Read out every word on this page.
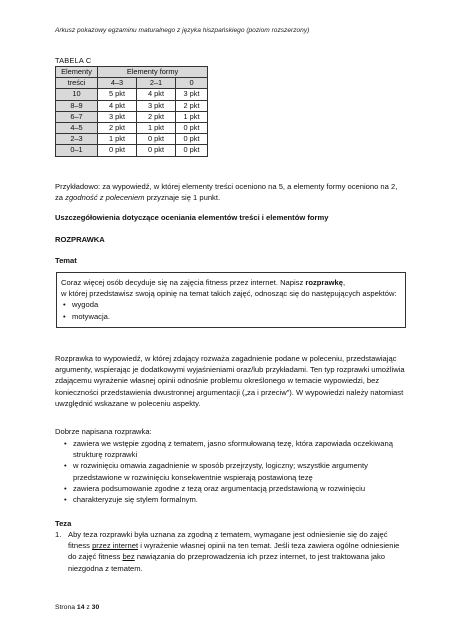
Arkusz pokazowy egzaminu maturalnego z języka hiszpańskiego (poziom rozszerzony)
TABELA C
Elementy	Elementy formy		
treści	4–3	2–1	0
10	5 pkt	4 pkt	3 pkt
8–9	4 pkt	3 pkt	2 pkt
6–7	3 pkt	2 pkt	1 pkt
4–5	2 pkt	1 pkt	0 pkt
2–3	1 pkt	0 pkt	0 pkt
0–1	0 pkt	0 pkt	0 pkt
Przykładowo: za wypowiedź, w której elementy treści oceniono na 5, a elementy formy oceniono na 2, za zgodność z poleceniem przyznaje się 1 punkt.
Uszczegółowienia dotyczące oceniania elementów treści i elementów formy
ROZPRAWKA
Temat
Coraz więcej osób decyduje się na zajęcia fitness przez internet. Napisz rozprawkę,
w której przedstawisz swoją opinię na temat takich zajęć, odnosząc się do następujących aspektów:
• wygoda
• motywacja.
Rozprawka to wypowiedź, w której zdający rozważa zagadnienie podane w poleceniu, przedstawiając argumenty, wspierając je dodatkowymi wyjaśnieniami oraz/lub przykładami. Ten typ rozprawki umożliwia zdającemu wyrażenie własnej opinii odnośnie problemu określonego w temacie wypowiedzi, bez konieczności przedstawienia dwustronnej argumentacji („za i przeciw”). W wypowiedzi należy natomiast uwzględnić wskazane w poleceniu aspekty.
Dobrze napisana rozprawka:
• zawiera we wstępie zgodną z tematem, jasno sformułowaną tezę, która zapowiada oczekiwaną strukturę rozprawki
• w rozwinięciu omawia zagadnienie w sposób przejrzysty, logiczny; wszystkie argumenty przedstawione w rozwinięciu konsekwentnie wspierają postawioną tezę
• zawiera podsumowanie zgodne z tezą oraz argumentacją przedstawioną w rozwinięciu
• charakteryzuje się stylem formalnym.
Teza
1. Aby teza rozprawki była uznana za zgodną z tematem, wymagane jest odniesienie się do zajęć fitness przez internet i wyrażenie własnej opinii na ten temat. Jeśli teza zawiera ogólne odniesienie do zajęć fitness bez nawiązania do przeprowadzenia ich przez internet, to jest traktowana jako niezgodna z tematem.
Strona 14 z 30
